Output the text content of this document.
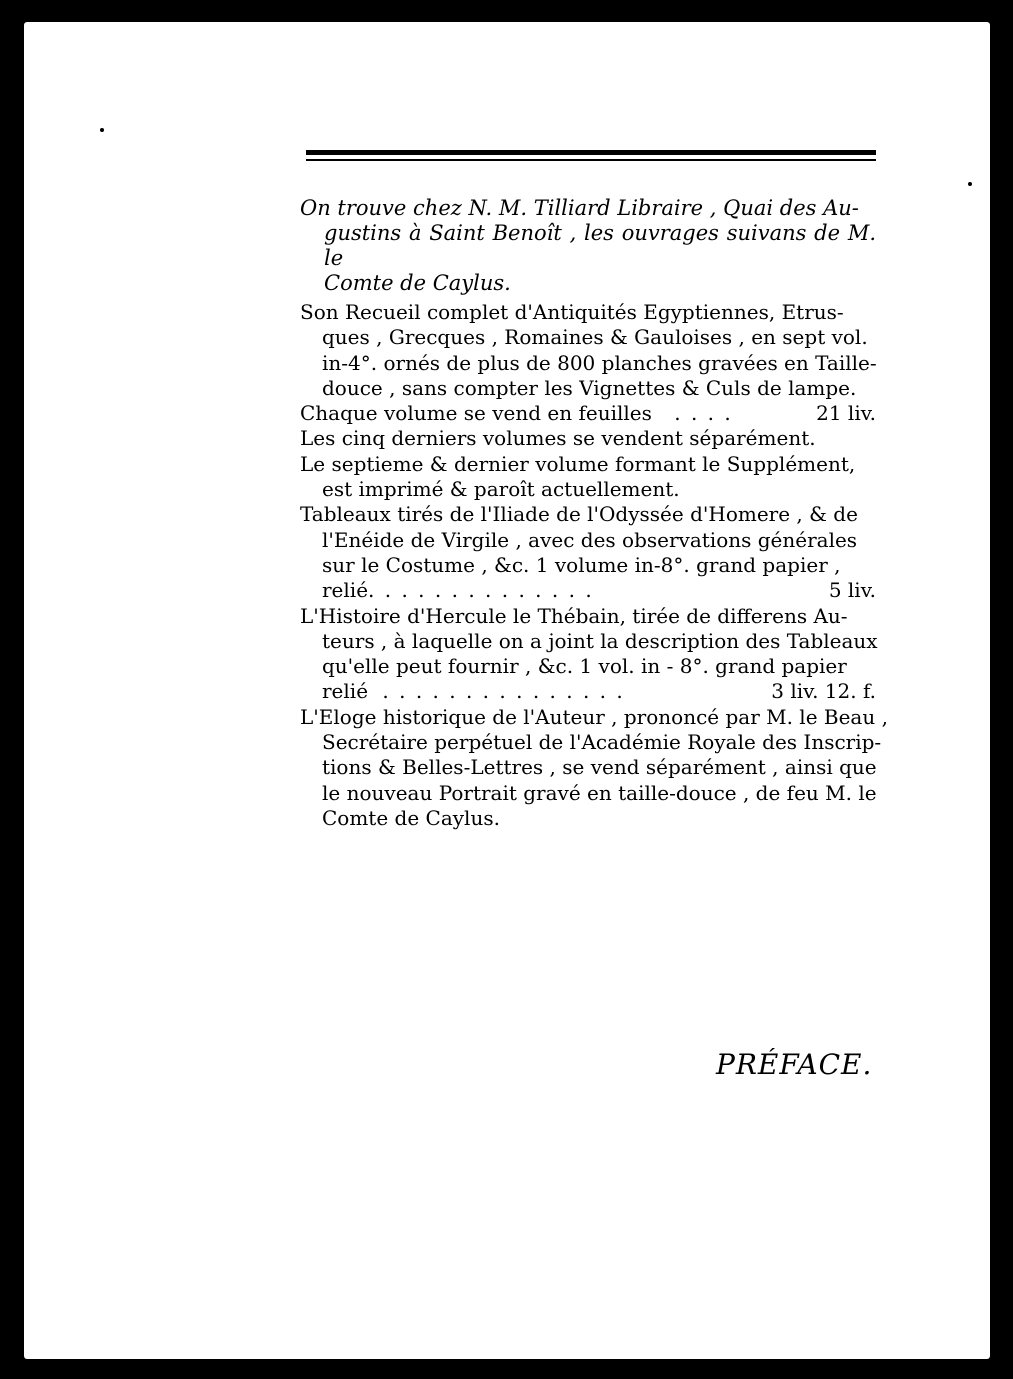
On trouve chez N. M. Tilliard Libraire , Quai des Au-
gustins à Saint Benoît , les ouvrages suivans de M. le
Comte de Caylus.
Son Recueil complet d'Antiquités Egyptiennes, Etrus-
ques , Grecques , Romaines & Gauloises , en sept vol.
in-4°. ornés de plus de 800 planches gravées en Taille-
douce , sans compter les Vignettes & Culs de lampe.
Chaque volume se vend en feuilles . . . .	21 liv.
Les cinq derniers volumes se vendent séparément.
Le septieme & dernier volume formant le Supplément,
est imprimé & paroît actuellement.
Tableaux tirés de l'Iliade de l'Odyssée d'Homere , & de
l'Enéide de Virgile , avec des observations générales
sur le Costume , &c. 1 volume in-8°. grand papier ,
relié. . . . . . . . . . . . . .	5 liv.
L'Histoire d'Hercule le Thébain, tirée de differens Au-
teurs , à laquelle on a joint la description des Tableaux
qu'elle peut fournir , &c. 1 vol. in - 8°. grand papier
relié . . . . . . . . . . . . . . .	3 liv. 12. f.
L'Eloge historique de l'Auteur , prononcé par M. le Beau ,
Secrétaire perpétuel de l'Académie Royale des Inscrip-
tions & Belles-Lettres , se vend séparément , ainsi que
le nouveau Portrait gravé en taille-douce , de feu M. le
Comte de Caylus.
PRÉFACE.
